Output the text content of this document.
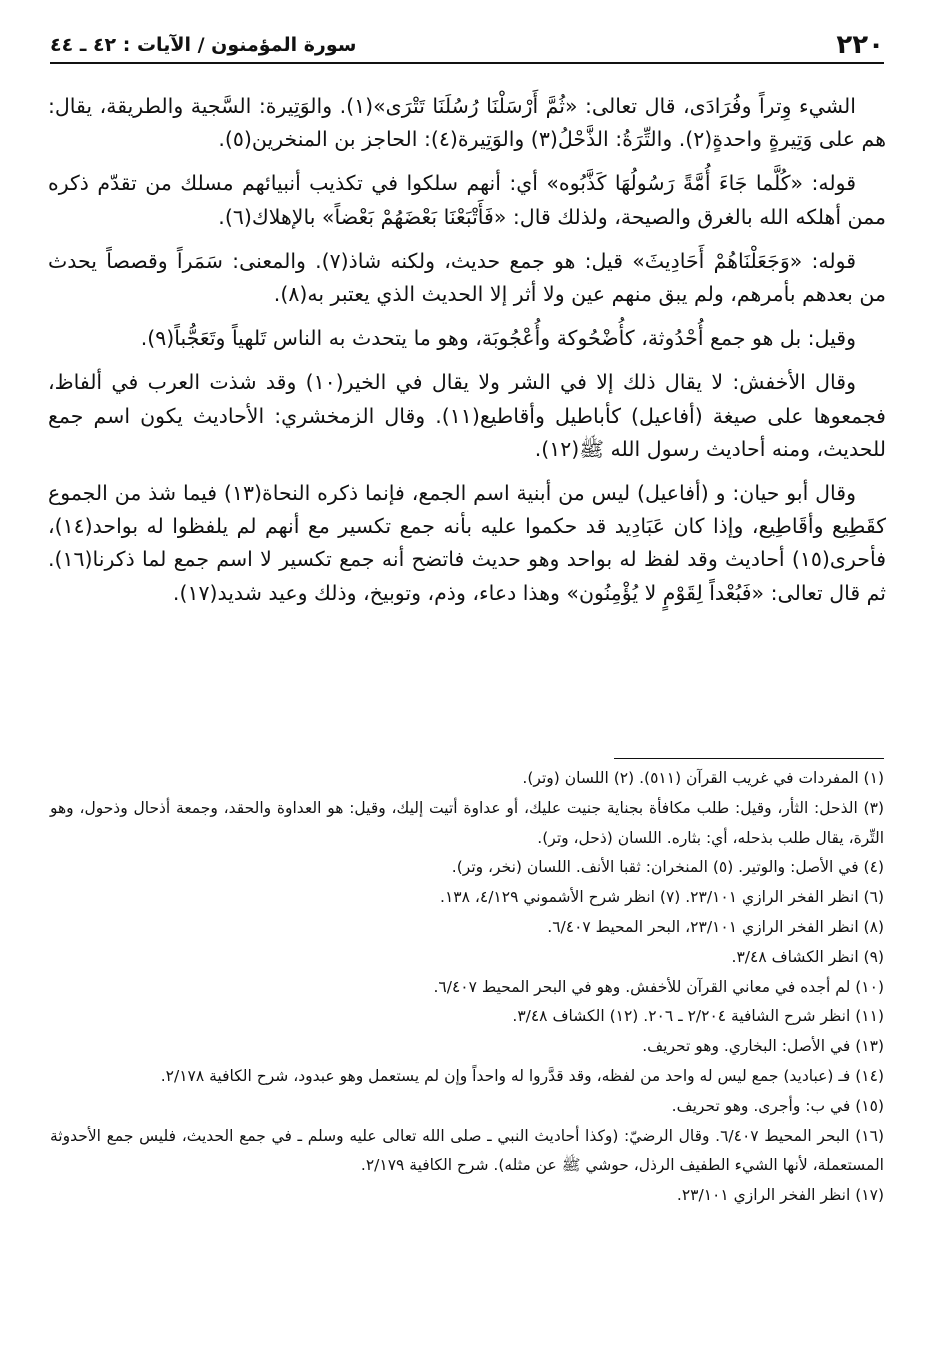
٢٢٠
سورة المؤمنون / الآيات : ٤٢ ـ ٤٤

الشيء وِتراً وفُرَادَى، قال تعالى: «ثُمَّ أَرْسَلْنَا رُسُلَنَا تَتْرَى»(١). والوَتِيرة: السَّجية والطريقة، يقال: هم على وَتِيرةٍ واحدةٍ(٢). والتِّرَةُ: الذَّحْلُ(٣) والوَتِيرة(٤): الحاجز بن المنخرين(٥).

قوله: «كُلَّما جَاءَ أُمَّةً رَسُولُهَا كَذَّبُوه» أي: أنهم سلكوا في تكذيب أنبيائهم مسلك من تقدّم ذكره ممن أهلكه الله بالغرق والصيحة، ولذلك قال: «فَأَتْبَعْنَا بَعْضَهُمْ بَعْضاً» بالإهلاك(٦).

قوله: «وَجَعَلْنَاهُمْ أَحَادِيثَ» قيل: هو جمع حديث، ولكنه شاذ(٧). والمعنى: سَمَراً وقصصاً يحدث من بعدهم بأمرهم، ولم يبق منهم عين ولا أثر إلا الحديث الذي يعتبر به(٨).

وقيل: بل هو جمع أُحْدُوثة، كأُضْحُوكة وأُعْجُوبَة، وهو ما يتحدث به الناس تَلهياً وتَعَجُّباً(٩).

وقال الأخفش: لا يقال ذلك إلا في الشر ولا يقال في الخير(١٠) وقد شذت العرب في ألفاظ، فجمعوها على صيغة (أفاعيل) كأباطيل وأقاطيع(١١). وقال الزمخشري: الأحاديث يكون اسم جمع للحديث، ومنه أحاديث رسول الله ﷺ(١٢).

وقال أبو حيان: و (أفاعيل) ليس من أبنية اسم الجمع، فإنما ذكره النحاة(١٣) فيما شذ من الجموع كقَطِيع وأقَاطِيع، وإذا كان عَبَادِيد قد حكموا عليه بأنه جمع تكسير مع أنهم لم يلفظوا له بواحد(١٤)، فأحرى(١٥) أحاديث وقد لفظ له بواحد وهو حديث فاتضح أنه جمع تكسير لا اسم جمع لما ذكرنا(١٦). ثم قال تعالى: «فَبُعْداً لِقَوْمٍ لا يُؤْمِنُون» وهذا دعاء، وذم، وتوبيخ، وذلك وعيد شديد(١٧).

(١) المفردات في غريب القرآن (٥١١). (٢) اللسان (وتر).

(٣) الذحل: الثأر، وقيل: طلب مكافأة بجناية جنيت عليك، أو عداوة أتيت إليك، وقيل: هو العداوة والحقد، وجمعة أذحال وذحول، وهو التِّرة، يقال طلب بذحله، أي: بثاره. اللسان (ذحل، وتر).

(٤) في الأصل: والوتير. (٥) المنخران: ثقبا الأنف. اللسان (نخر، وتر).

(٦) انظر الفخر الرازي ٢٣/١٠١. (٧) انظر شرح الأشموني ٤/١٢٩، ١٣٨.

(٨) انظر الفخر الرازي ٢٣/١٠١، البحر المحيط ٦/٤٠٧.

(٩) انظر الكشاف ٣/٤٨.

(١٠) لم أجده في معاني القرآن للأخفش. وهو في البحر المحيط ٦/٤٠٧.

(١١) انظر شرح الشافية ٢/٢٠٤ ـ ٢٠٦. (١٢) الكشاف ٣/٤٨.

(١٣) في الأصل: البخاري. وهو تحريف.

(١٤) فـ (عباديد) جمع ليس له واحد من لفظه، وقد قدَّروا له واحداً وإن لم يستعمل وهو عبدود، شرح الكافية ٢/١٧٨.

(١٥) في ب: وأجرى. وهو تحريف.

(١٦) البحر المحيط ٦/٤٠٧. وقال الرضيّ: (وكذا أحاديث النبي ـ صلى الله تعالى عليه وسلم ـ في جمع الحديث، فليس جمع الأحدوثة المستعملة، لأنها الشيء الطفيف الرذل، حوشي ﷺ عن مثله). شرح الكافية ٢/١٧٩.

(١٧) انظر الفخر الرازي ٢٣/١٠١.
